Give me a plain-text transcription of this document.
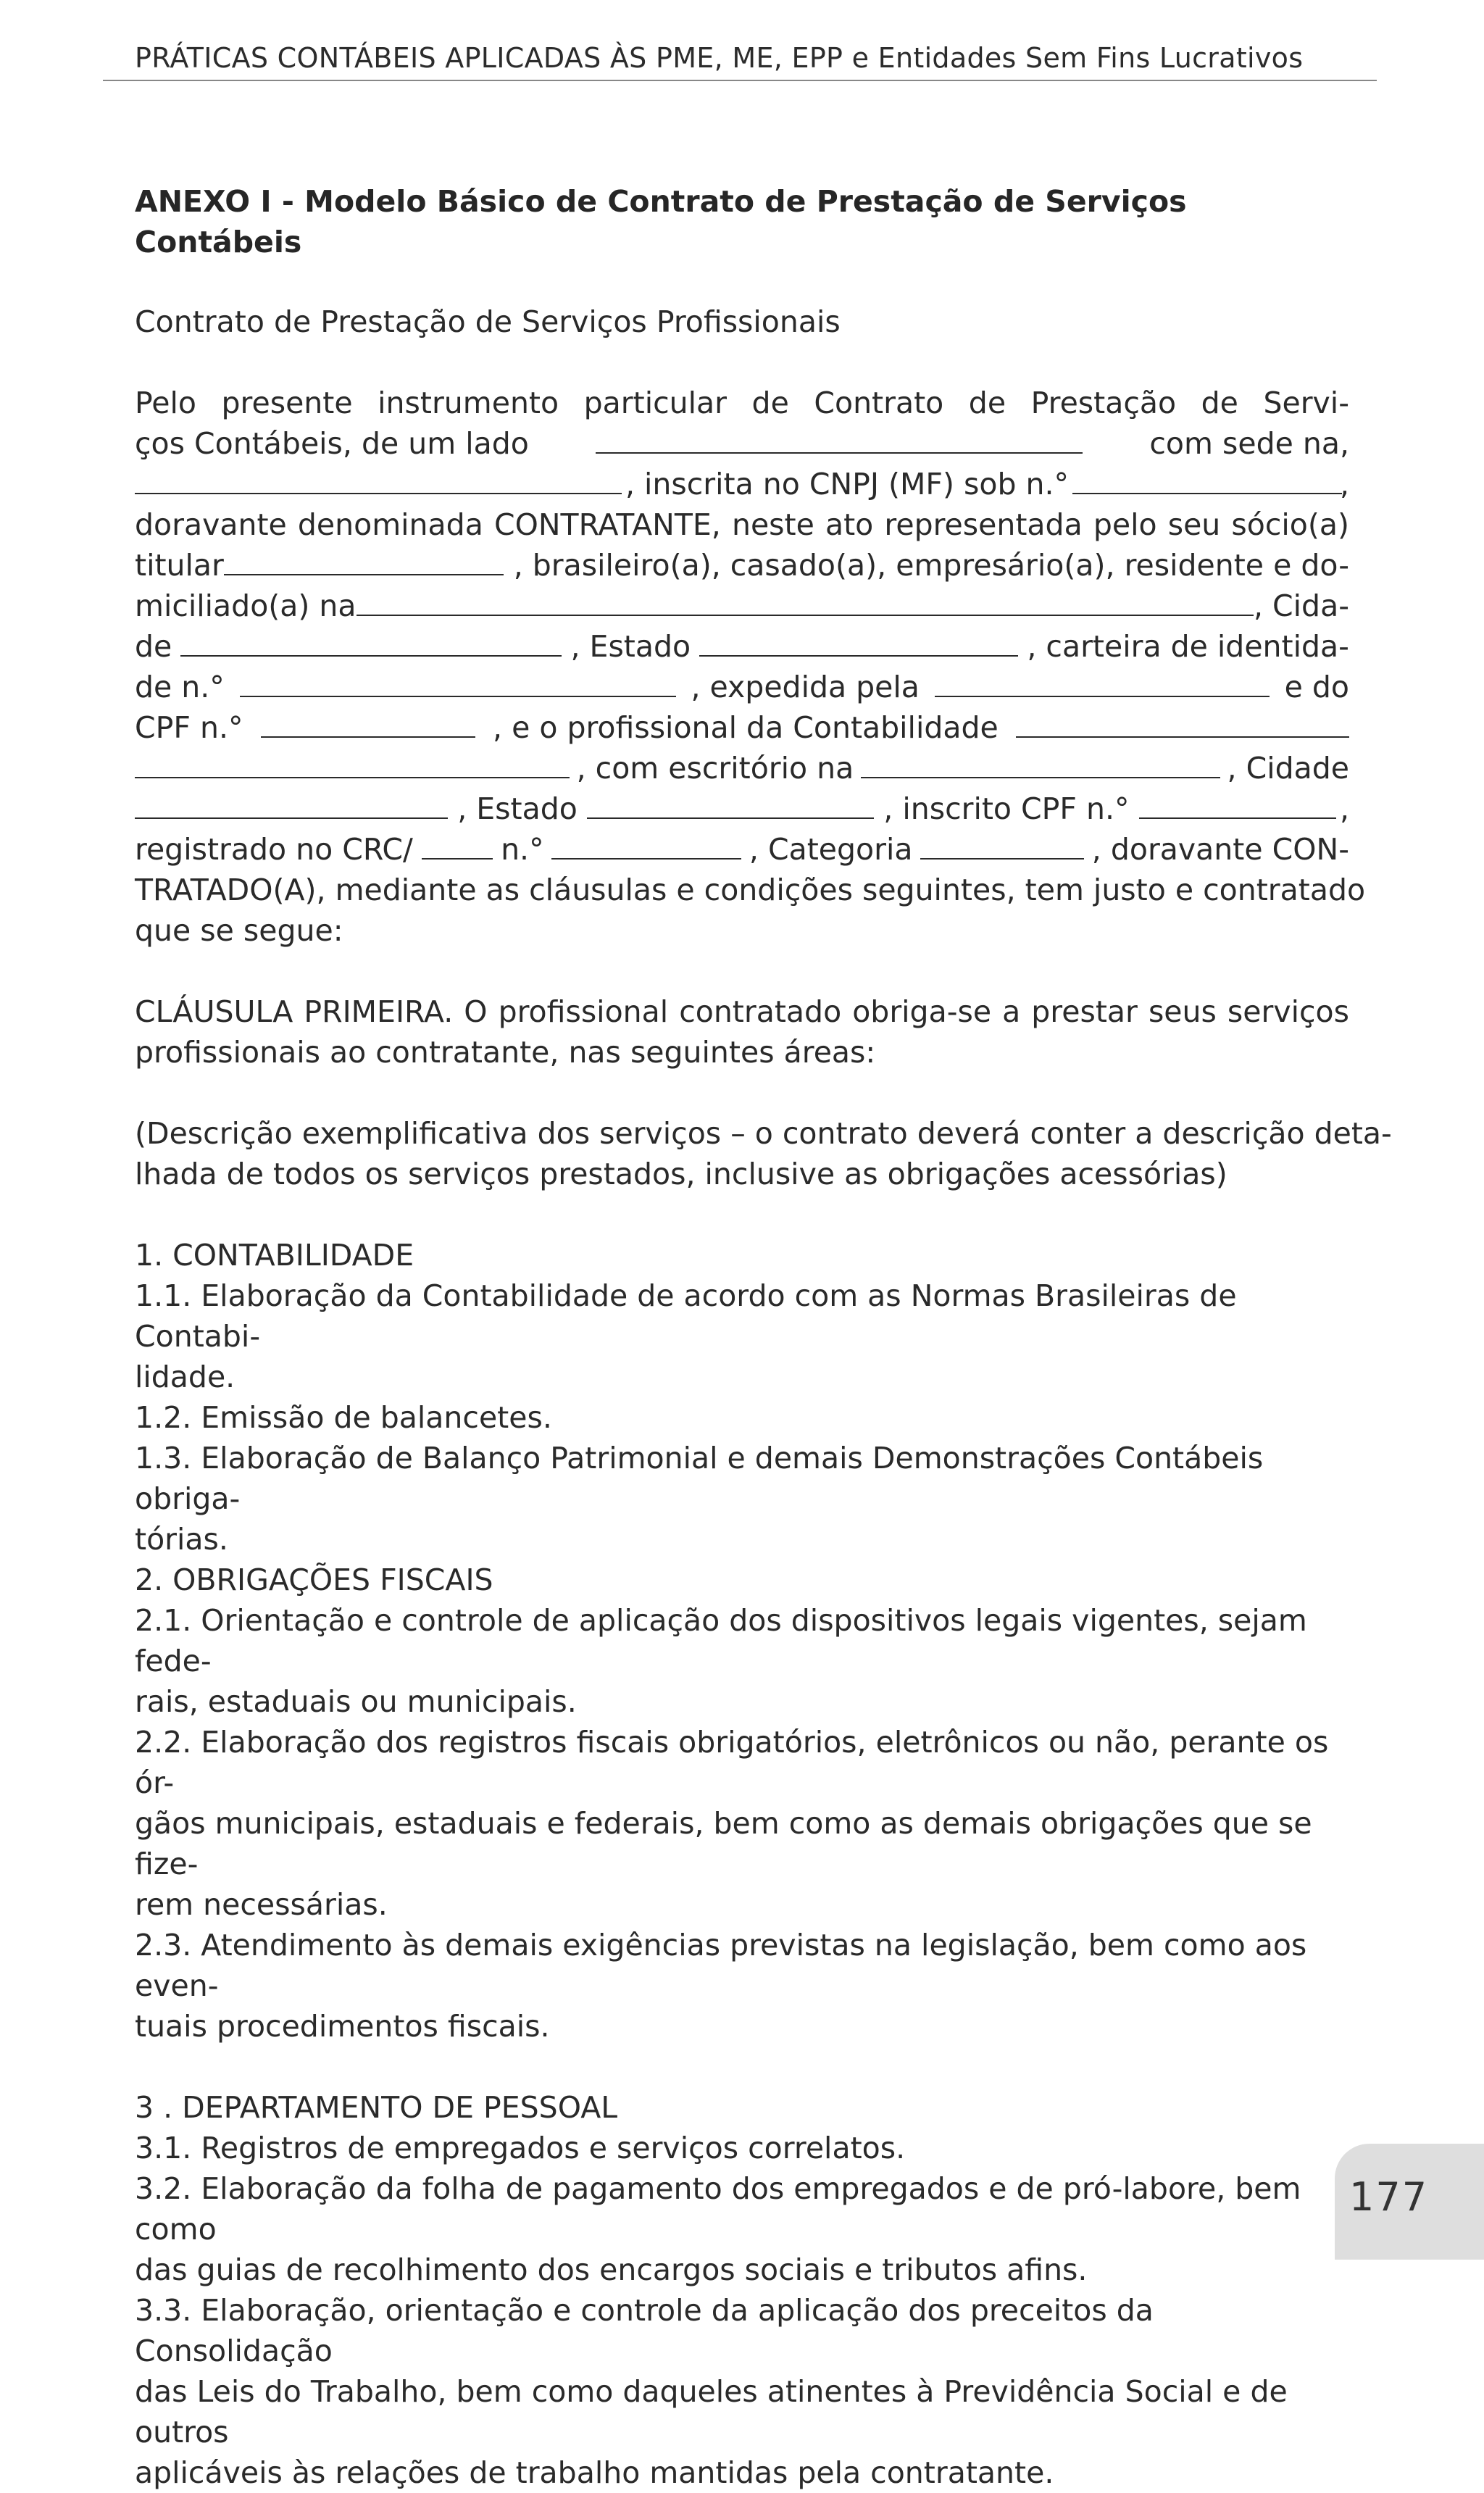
PRÁTICAS CONTÁBEIS APLICADAS ÀS PME, ME, EPP e Entidades Sem Fins Lucrativos

ANEXO I - Modelo Básico de Contrato de Prestação de Serviços Contábeis

Contrato de Prestação de Serviços Profissionais

Pelo presente instrumento particular de Contrato de Prestação de Servi-
ços Contábeis, de um lado	com sede na,
, inscrita no CNPJ (MF) sob n.°	,
doravante denominada CONTRATANTE, neste ato representada pelo seu sócio(a)
titular	, brasileiro(a), casado(a), empresário(a), residente e do-
miciliado(a) na	, Cida-
de	, Estado	, carteira de identida-
de n.°	, expedida pela	e do
CPF n.°	, e o profissional da Contabilidade
, com escritório na	, Cidade
, Estado	, inscrito CPF n.°	,
registrado no CRC/	n.°	, Categoria	, doravante CON-
TRATADO(A), mediante as cláusulas e condições seguintes, tem justo e contratado
que se segue:
CLÁUSULA PRIMEIRA. O profissional contratado obriga-se a prestar seus serviços
profissionais ao contratante, nas seguintes áreas:
(Descrição exemplificativa dos serviços – o contrato deverá conter a descrição deta-
lhada de todos os serviços prestados, inclusive as obrigações acessórias)

1. CONTABILIDADE

1.1. Elaboração da Contabilidade de acordo com as Normas Brasileiras de Contabi-

lidade.

1.2. Emissão de balancetes.

1.3. Elaboração de Balanço Patrimonial e demais Demonstrações Contábeis obriga-

tórias.

2. OBRIGAÇÕES FISCAIS

2.1. Orientação e controle de aplicação dos dispositivos legais vigentes, sejam fede-

rais, estaduais ou municipais.

2.2. Elaboração dos registros fiscais obrigatórios, eletrônicos ou não, perante os ór-

gãos municipais, estaduais e federais, bem como as demais obrigações que se fize-

rem necessárias.

2.3. Atendimento às demais exigências previstas na legislação, bem como aos even-

tuais procedimentos fiscais.

3 . DEPARTAMENTO DE PESSOAL

3.1. Registros de empregados e serviços correlatos.

3.2. Elaboração da folha de pagamento dos empregados e de pró-labore, bem como

das guias de recolhimento dos encargos sociais e tributos afins.

3.3. Elaboração, orientação e controle da aplicação dos preceitos da Consolidação

das Leis do Trabalho, bem como daqueles atinentes à Previdência Social e de outros

aplicáveis às relações de trabalho mantidas pela contratante.

177
